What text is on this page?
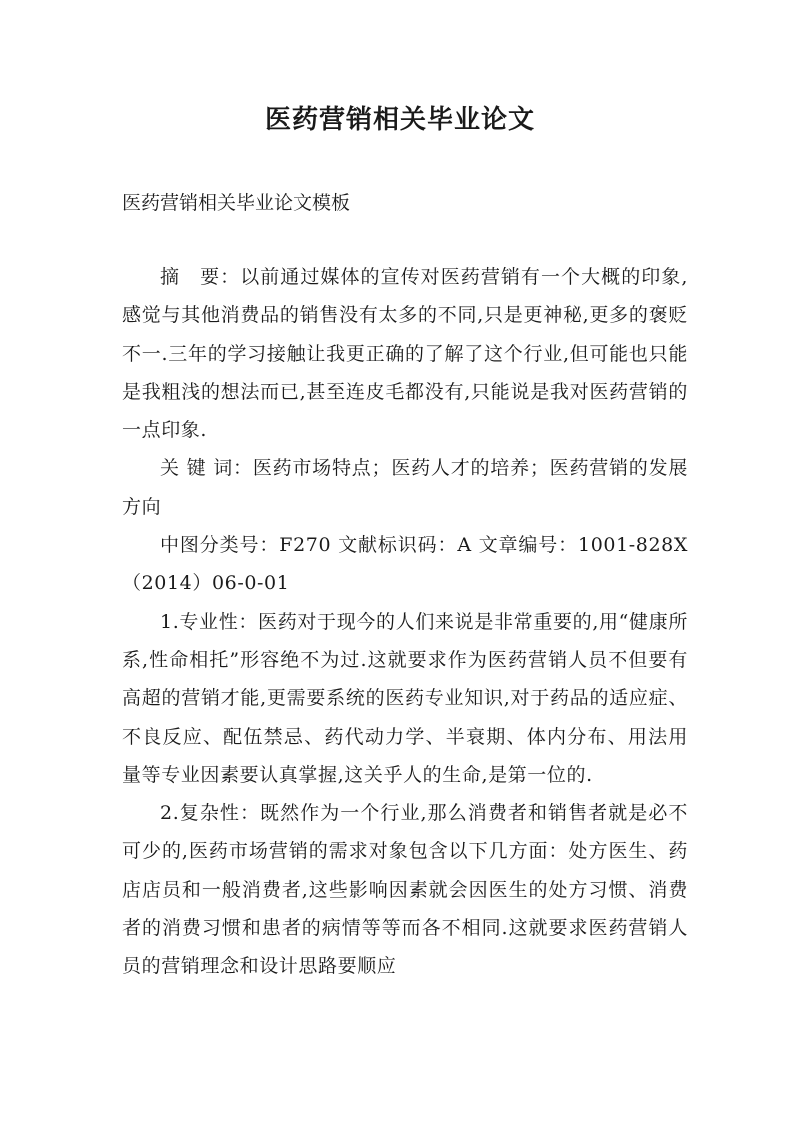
医药营销相关毕业论文
医药营销相关毕业论文模板

摘　要：以前通过媒体的宣传对医药营销有一个大概的印象,感觉与其他消费品的销售没有太多的不同,只是更神秘,更多的褒贬不一.三年的学习接触让我更正确的了解了这个行业,但可能也只能是我粗浅的想法而已,甚至连皮毛都没有,只能说是我对医药营销的一点印象.

关 键 词：医药市场特点；医药人才的培养；医药营销的发展方向

中图分类号：F270 文献标识码：A 文章编号：1001-828X（2014）06-0-01

1.专业性：医药对于现今的人们来说是非常重要的,用“健康所系,性命相托”形容绝不为过.这就要求作为医药营销人员不但要有高超的营销才能,更需要系统的医药专业知识,对于药品的适应症、不良反应、配伍禁忌、药代动力学、半衰期、体内分布、用法用量等专业因素要认真掌握,这关乎人的生命,是第一位的.

2.复杂性：既然作为一个行业,那么消费者和销售者就是必不可少的,医药市场营销的需求对象包含以下几方面：处方医生、药店店员和一般消费者,这些影响因素就会因医生的处方习惯、消费者的消费习惯和患者的病情等等而各不相同.这就要求医药营销人员的营销理念和设计思路要顺应
